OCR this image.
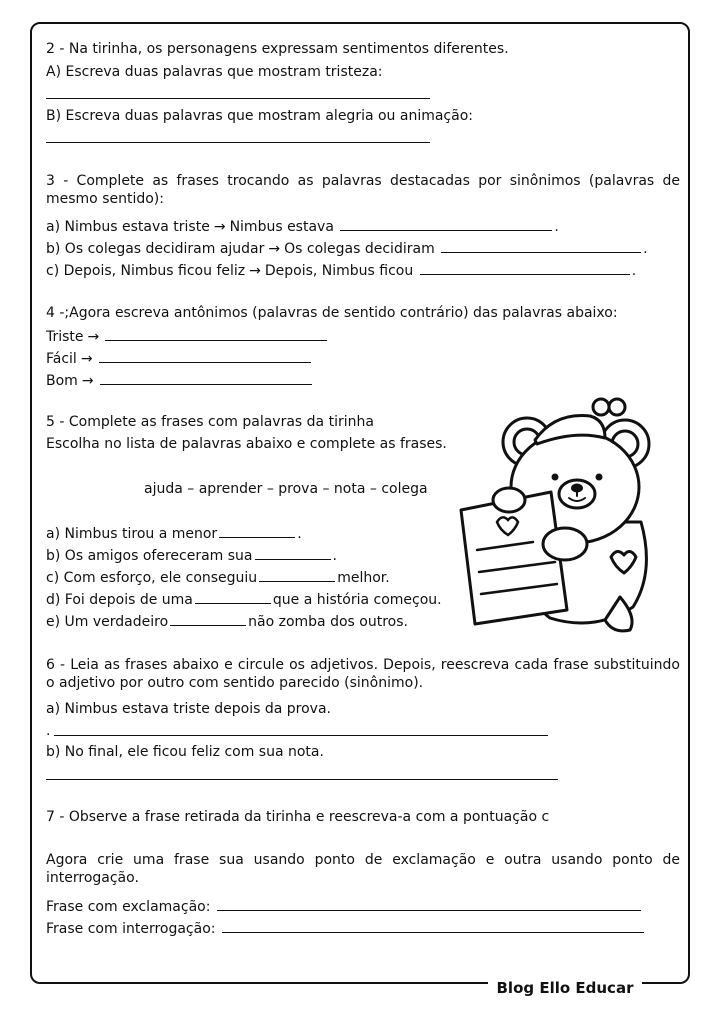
2 - Na tirinha, os personagens expressam sentimentos diferentes.
A) Escreva duas palavras que mostram tristeza:
B) Escreva duas palavras que mostram alegria ou animação:
3 - Complete as frases trocando as palavras destacadas por sinônimos (palavras de mesmo sentido):
a) Nimbus estava triste → Nimbus estava	.
b) Os colegas decidiram ajudar → Os colegas decidiram	.
c) Depois, Nimbus ficou feliz → Depois, Nimbus ficou	.
4 -;Agora escreva antônimos (palavras de sentido contrário) das palavras abaixo:
Triste →
Fácil →
Bom →
5 - Complete as frases com palavras da tirinha
Escolha no lista de palavras abaixo e complete as frases.
ajuda – aprender – prova – nota – colega
a) Nimbus tirou a menor	.
b) Os amigos ofereceram sua	.
c) Com esforço, ele conseguiu	melhor.
d) Foi depois de uma	que a história começou.
e) Um verdadeiro	não zomba dos outros.
6 - Leia as frases abaixo e circule os adjetivos. Depois, reescreva cada frase substituindo o adjetivo por outro com sentido parecido (sinônimo).
a) Nimbus estava triste depois da prova.
.
b) No final, ele ficou feliz com sua nota.
7 - Observe a frase retirada da tirinha e reescreva-a com a pontuação c
Agora crie uma frase sua usando ponto de exclamação e outra usando ponto de interrogação.
Frase com exclamação:
Frase com interrogação:
Blog Ello Educar
